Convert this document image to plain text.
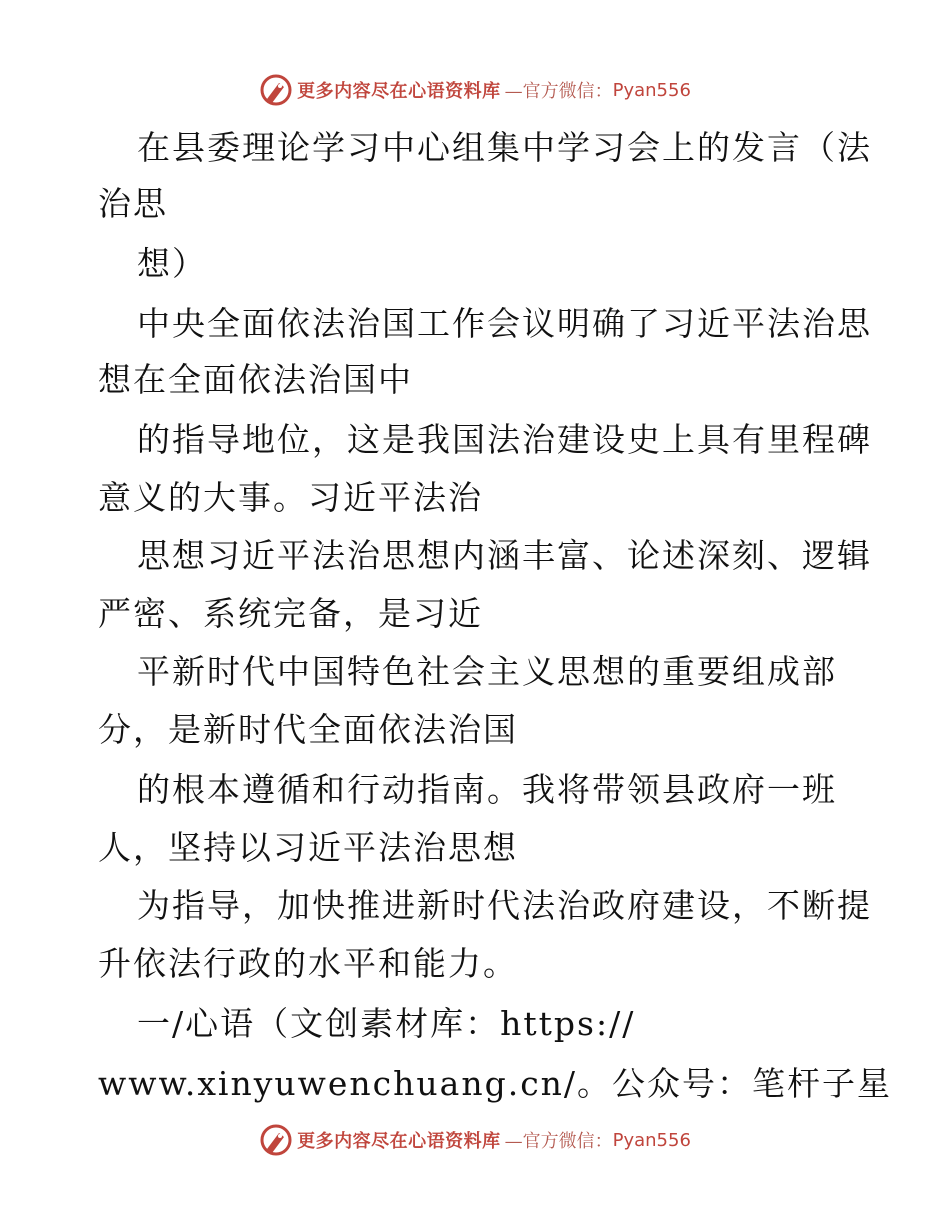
更多内容尽在心语资料库 —官方微信： Pyan556
在县委理论学习中心组集中学习会上的发言（法
治思
想）
中央全面依法治国工作会议明确了习近平法治思
想在全面依法治国中
的指导地位，这是我国法治建设史上具有里程碑
意义的大事。习近平法治
思想习近平法治思想内涵丰富、论述深刻、逻辑
严密、系统完备，是习近
平新时代中国特色社会主义思想的重要组成部
分，是新时代全面依法治国
的根本遵循和行动指南。我将带领县政府一班
人，坚持以习近平法治思想
为指导，加快推进新时代法治政府建设，不断提
升依法行政的水平和能力。
一/心语（文创素材库：https://
www.xinyuwenchuang.cn/。公众号：笔杆子星
更多内容尽在心语资料库 —官方微信： Pyan556
